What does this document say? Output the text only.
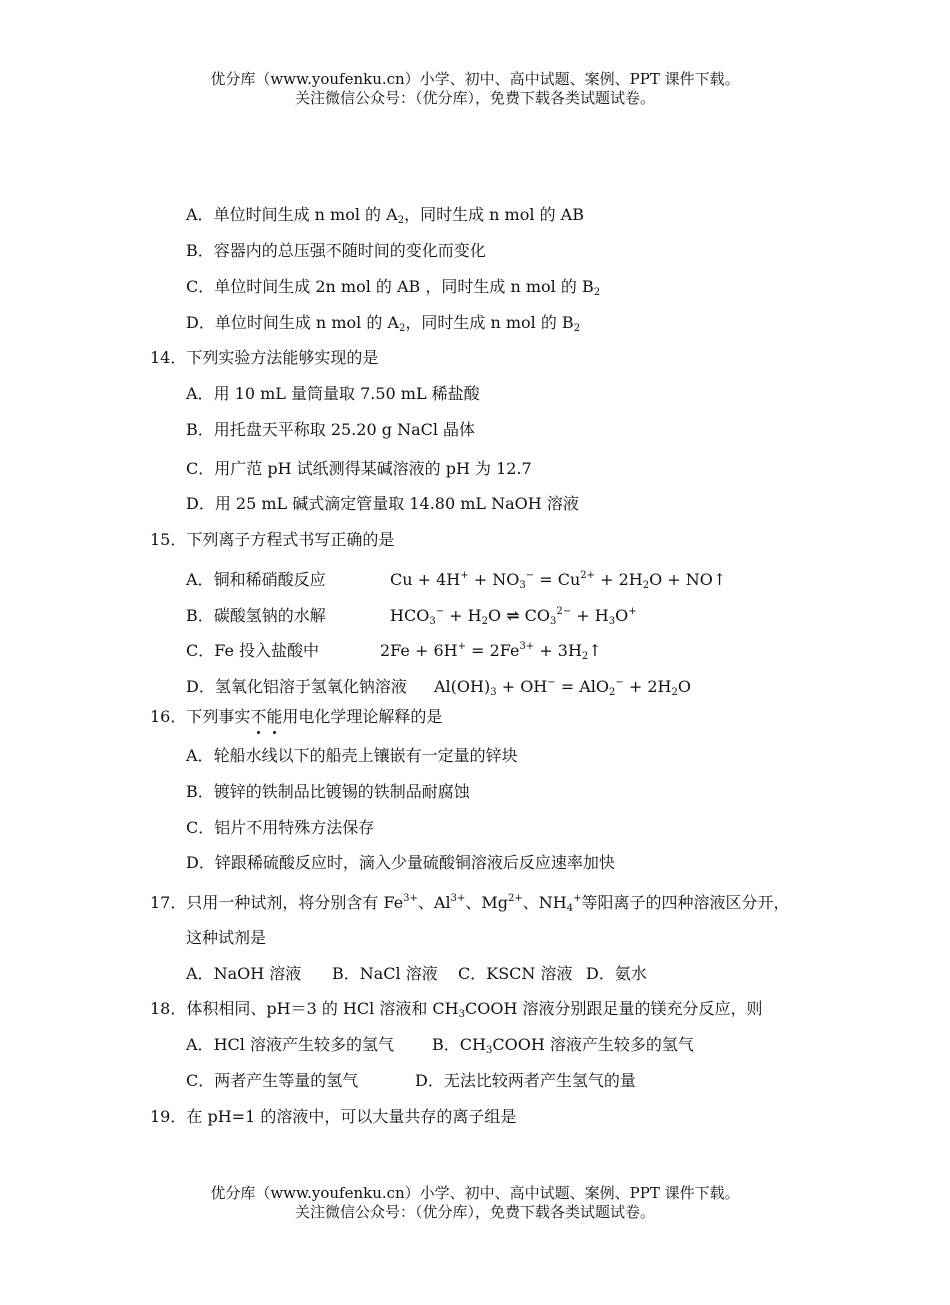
优分库（www.youfenku.cn）小学、初中、高中试题、案例、PPT 课件下载。
关注微信公众号：（优分库），免费下载各类试题试卷。
A．单位时间生成 n mol 的 $A_2$，同时生成 n mol 的 AB
B．容器内的总压强不随时间的变化而变化
C．单位时间生成 2n mol 的 AB ，同时生成 n mol 的 $B_2$
D．单位时间生成 n mol 的 $A_2$，同时生成 n mol 的 $B_2$
14．下列实验方法能够实现的是
A．用 10 mL 量筒量取 7.50 mL 稀盐酸
B．用托盘天平称取 25.20 g NaCl 晶体
C．用广范 pH 试纸测得某碱溶液的 pH 为 12.7
D．用 25 mL 碱式滴定管量取 14.80 mL NaOH 溶液
15．下列离子方程式书写正确的是
A．铜和稀硝酸反应	$Cu + 4H^+ + NO_3^- = Cu^{2+} + 2H_2O$ + NO↑
B．碳酸氢钠的水解	$HCO_3^- + H_2O$ ⇌ $CO_3^{2-} + H_3O^+$
C．Fe 投入盐酸中	$2Fe + 6H^+ = 2Fe^{3+}$ + $3H_2↑$
D．氢氧化铝溶于氢氧化钠溶液 $Al(OH)_3 + OH^- = AlO_2^- + 2H_2O$
16．下列事实不能用电化学理论解释的是
A．轮船水线以下的船壳上镶嵌有一定量的锌块
B．镀锌的铁制品比镀锡的铁制品耐腐蚀
C．铝片不用特殊方法保存
D．锌跟稀硫酸反应时，滴入少量硫酸铜溶液后反应速率加快
17．只用一种试剂，将分别含有 $Fe^{3+}$、$Al^{3+}$、$Mg^{2+}$、$NH_4^+$等阳离子的四种溶液区分开，
这种试剂是
A．NaOH 溶液 B．NaCl 溶液 C．KSCN 溶液 D．氨水
18．体积相同、pH＝3 的 HCl 溶液和 $CH_3COOH$ 溶液分别跟足量的镁充分反应，则
A．HCl 溶液产生较多的氢气 B．$CH_3COOH$ 溶液产生较多的氢气
C．两者产生等量的氢气	D．无法比较两者产生氢气的量
19．在 pH=1 的溶液中，可以大量共存的离子组是
优分库（www.youfenku.cn）小学、初中、高中试题、案例、PPT 课件下载。
关注微信公众号：（优分库），免费下载各类试题试卷。
